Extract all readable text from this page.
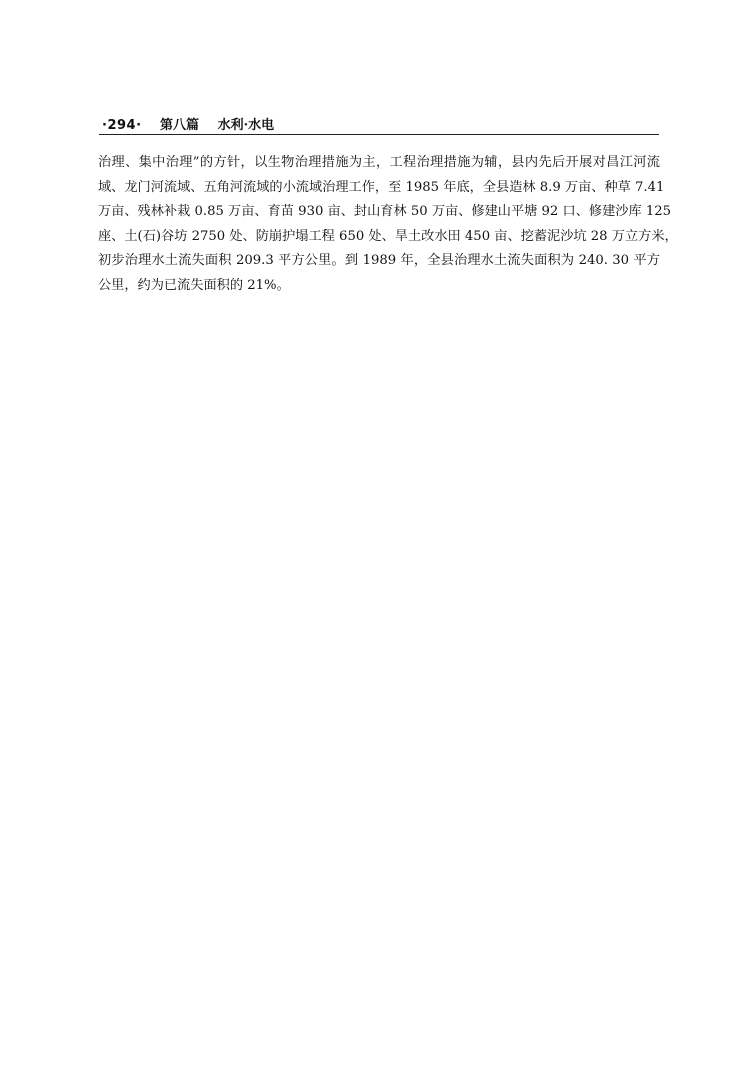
·294· 第八篇 水利·水电
治理、集中治理”的方针，以生物治理措施为主，工程治理措施为辅，县内先后开展对昌江河流
域、龙门河流域、五角河流域的小流域治理工作，至 1985 年底，全县造林 8.9 万亩、种草 7.41
万亩、残林补栽 0.85 万亩、育苗 930 亩、封山育林 50 万亩、修建山平塘 92 口、修建沙库 125
座、土(石)谷坊 2750 处、防崩护塌工程 650 处、旱土改水田 450 亩、挖蓄泥沙坑 28 万立方米，
初步治理水土流失面积 209.3 平方公里。到 1989 年，全县治理水土流失面积为 240. 30 平方
公里，约为已流失面积的 21%。
